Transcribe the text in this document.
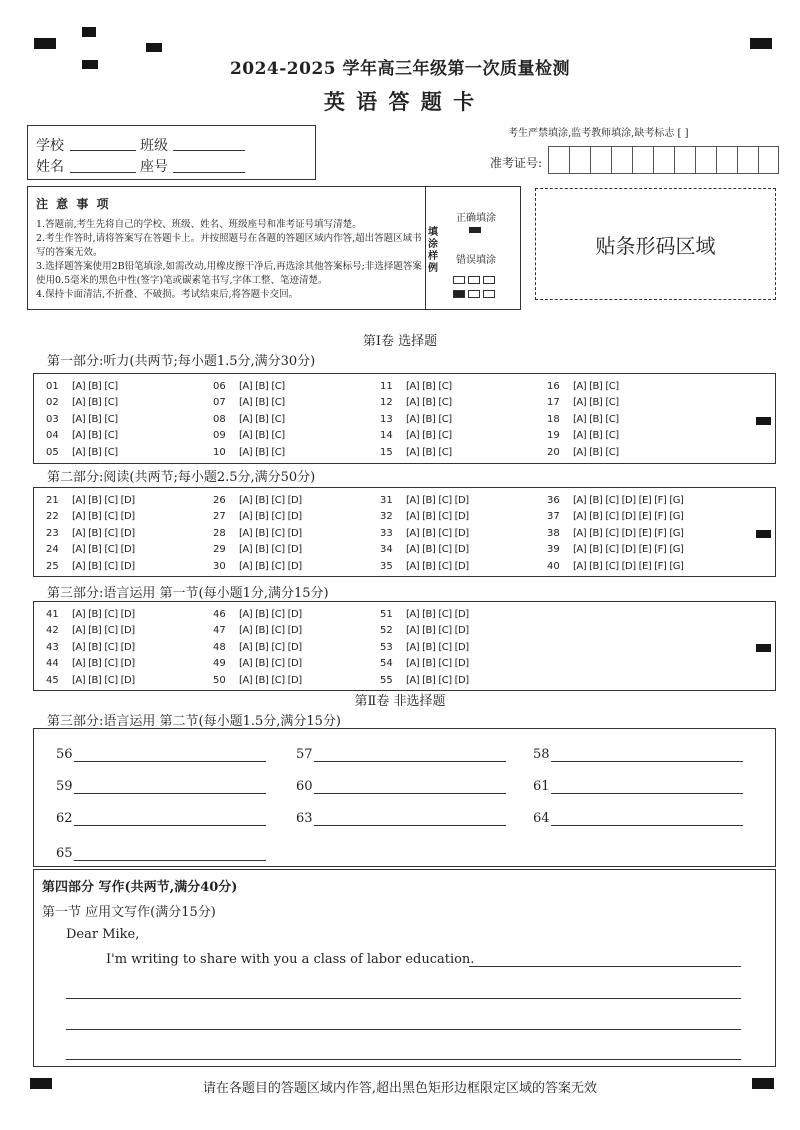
2024-2025 学年高三年级第一次质量检测
英 语 答 题 卡
学校	班级
姓名	座号
考生严禁填涂,监考教师填涂,缺考标志 [ ]
准考证号:
注 意 事 项
1.答题前,考生先将自己的学校、班级、姓名、班级座号和准考证号填写清楚。
2.考生作答时,请将答案写在答题卡上。并按照题号在各题的答题区域内作答,超出答题区域书写的答案无效。
3.选择题答案使用2B铅笔填涂,如需改动,用橡皮擦干净后,再选涂其他答案标号;非选择题答案使用0.5毫米的黑色中性(签字)笔或碳素笔书写,字体工整、笔迹清楚。
4.保持卡面清洁,不折叠、不破损。考试结束后,将答题卡交回。
填涂样例
正确填涂
错误填涂
贴条形码区域
第Ⅰ卷 选择题
第一部分:听力(共两节;每小题1.5分,满分30分)
01	[A] [B] [C]
02	[A] [B] [C]
03	[A] [B] [C]
04	[A] [B] [C]
05	[A] [B] [C]
06	[A] [B] [C]
07	[A] [B] [C]
08	[A] [B] [C]
09	[A] [B] [C]
10	[A] [B] [C]
11	[A] [B] [C]
12	[A] [B] [C]
13	[A] [B] [C]
14	[A] [B] [C]
15	[A] [B] [C]
16	[A] [B] [C]
17	[A] [B] [C]
18	[A] [B] [C]
19	[A] [B] [C]
20	[A] [B] [C]
第二部分:阅读(共两节;每小题2.5分,满分50分)
21	[A] [B] [C] [D]
22	[A] [B] [C] [D]
23	[A] [B] [C] [D]
24	[A] [B] [C] [D]
25	[A] [B] [C] [D]
26	[A] [B] [C] [D]
27	[A] [B] [C] [D]
28	[A] [B] [C] [D]
29	[A] [B] [C] [D]
30	[A] [B] [C] [D]
31	[A] [B] [C] [D]
32	[A] [B] [C] [D]
33	[A] [B] [C] [D]
34	[A] [B] [C] [D]
35	[A] [B] [C] [D]
36	[A] [B] [C] [D] [E] [F] [G]
37	[A] [B] [C] [D] [E] [F] [G]
38	[A] [B] [C] [D] [E] [F] [G]
39	[A] [B] [C] [D] [E] [F] [G]
40	[A] [B] [C] [D] [E] [F] [G]
第三部分:语言运用 第一节(每小题1分,满分15分)
41	[A] [B] [C] [D]
42	[A] [B] [C] [D]
43	[A] [B] [C] [D]
44	[A] [B] [C] [D]
45	[A] [B] [C] [D]
46	[A] [B] [C] [D]
47	[A] [B] [C] [D]
48	[A] [B] [C] [D]
49	[A] [B] [C] [D]
50	[A] [B] [C] [D]
51	[A] [B] [C] [D]
52	[A] [B] [C] [D]
53	[A] [B] [C] [D]
54	[A] [B] [C] [D]
55	[A] [B] [C] [D]
第Ⅱ卷 非选择题
第三部分:语言运用 第二节(每小题1.5分,满分15分)
56	57	58
59	60	61
62	63	64
65
第四部分 写作(共两节,满分40分)
第一节 应用文写作(满分15分)
Dear Mike,
I'm writing to share with you a class of labor education.
请在各题目的答题区域内作答,超出黑色矩形边框限定区域的答案无效
